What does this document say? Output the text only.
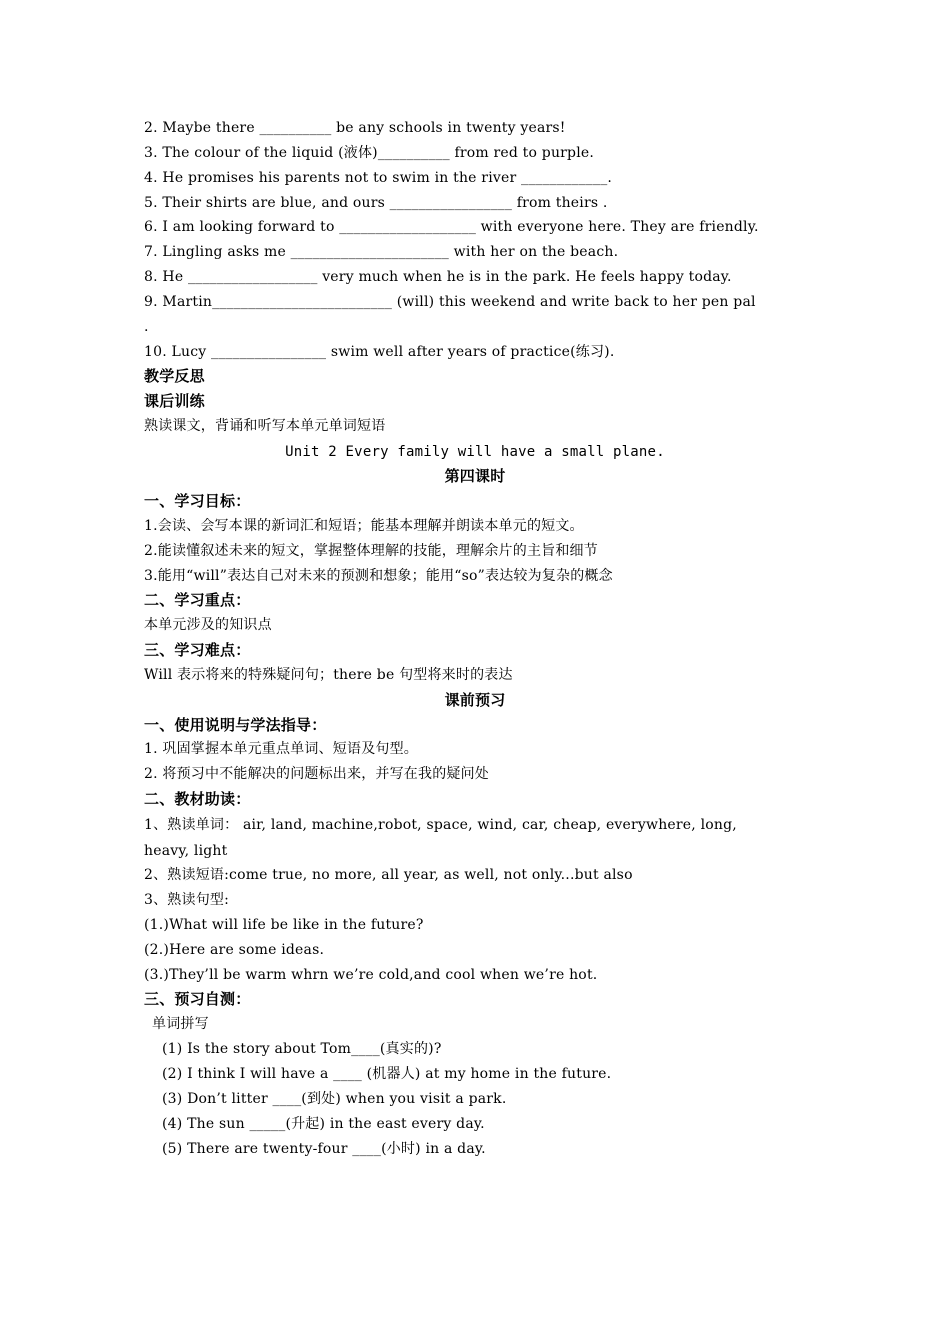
2. Maybe there __________ be any schools in twenty years!
3. The colour of the liquid (液体)__________ from red to purple.
4. He promises his parents not to swim in the river ____________.
5. Their shirts are blue, and ours _________________ from theirs .
6. I am looking forward to ___________________ with everyone here. They are friendly.
7. Lingling asks me ______________________ with her on the beach.
8. He __________________ very much when he is in the park. He feels happy today.
9. Martin_________________________ (will) this weekend and write back to her pen pal
.
10. Lucy ________________ swim well after years of practice(练习).
教学反思
课后训练
熟读课文，背诵和听写本单元单词短语
Unit 2 Every family will have a small plane.
第四课时
一、学习目标：
1.会读、会写本课的新词汇和短语；能基本理解并朗读本单元的短文。
2.能读懂叙述未来的短文，掌握整体理解的技能，理解余片的主旨和细节
3.能用“will”表达自己对未来的预测和想象；能用“so”表达较为复杂的概念
二、学习重点：
本单元涉及的知识点
三、学习难点：
Will 表示将来的特殊疑问句；there be 句型将来时的表达
课前预习
一、使用说明与学法指导：
1. 巩固掌握本单元重点单词、短语及句型。
2. 将预习中不能解决的问题标出来，并写在我的疑问处
二、教材助读：
1、熟读单词： air, land, machine,robot, space, wind, car, cheap, everywhere, long,
heavy, light
2、熟读短语:come true, no more, all year, as well, not only...but also
3、熟读句型:
(1.)What will life be like in the future?
(2.)Here are some ideas.
(3.)They’ll be warm whrn we’re cold,and cool when we’re hot.
三、预习自测：
单词拼写
(1) Is the story about Tom____(真实的)?
(2) I think I will have a ____ (机器人) at my home in the future.
(3) Don’t litter ____(到处) when you visit a park.
(4) The sun _____(升起) in the east every day.
(5) There are twenty-four ____(小时) in a day.
